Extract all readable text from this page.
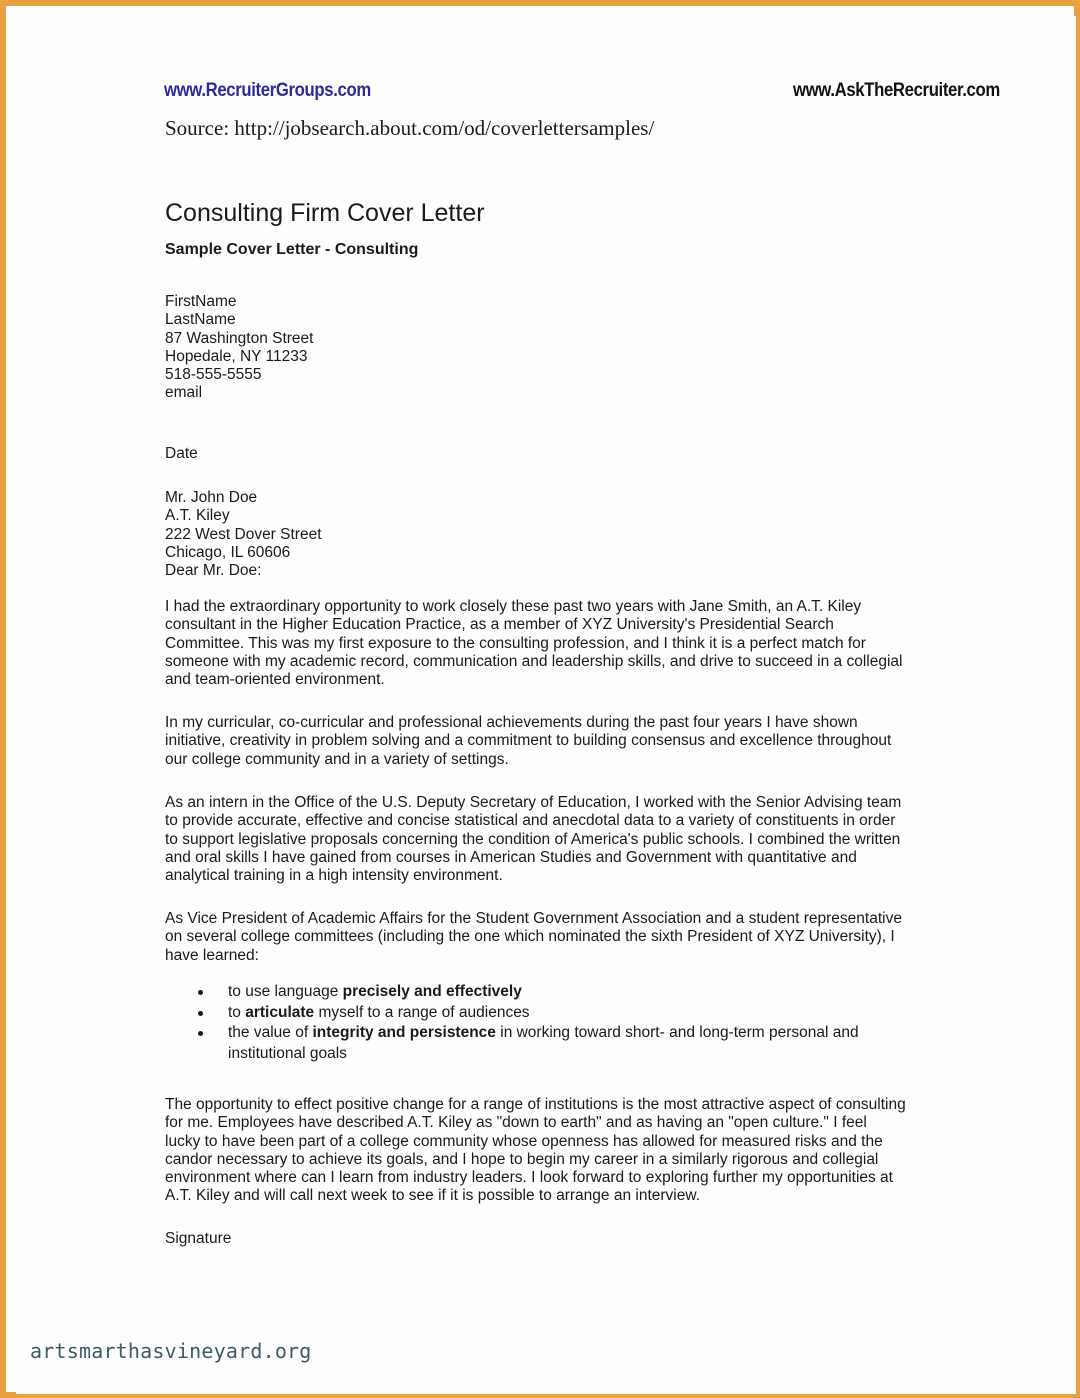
www.RecruiterGroups.com	www.AskTheRecruiter.com
Source: http://jobsearch.about.com/od/coverlettersamples/
Consulting Firm Cover Letter
Sample Cover Letter - Consulting
FirstName
LastName
87 Washington Street
Hopedale, NY 11233
518-555-5555
email
Date
Mr. John Doe
A.T. Kiley
222 West Dover Street
Chicago, IL 60606
Dear Mr. Doe:
I had the extraordinary opportunity to work closely these past two years with Jane Smith, an A.T. Kiley
consultant in the Higher Education Practice, as a member of XYZ University's Presidential Search
Committee. This was my first exposure to the consulting profession, and I think it is a perfect match for
someone with my academic record, communication and leadership skills, and drive to succeed in a collegial
and team-oriented environment.
In my curricular, co-curricular and professional achievements during the past four years I have shown
initiative, creativity in problem solving and a commitment to building consensus and excellence throughout
our college community and in a variety of settings.
As an intern in the Office of the U.S. Deputy Secretary of Education, I worked with the Senior Advising team
to provide accurate, effective and concise statistical and anecdotal data to a variety of constituents in order
to support legislative proposals concerning the condition of America's public schools. I combined the written
and oral skills I have gained from courses in American Studies and Government with quantitative and
analytical training in a high intensity environment.
As Vice President of Academic Affairs for the Student Government Association and a student representative
on several college committees (including the one which nominated the sixth President of XYZ University), I
have learned:
to use language precisely and effectively
to articulate myself to a range of audiences
the value of integrity and persistence in working toward short- and long-term personal and
institutional goals
The opportunity to effect positive change for a range of institutions is the most attractive aspect of consulting
for me. Employees have described A.T. Kiley as "down to earth" and as having an "open culture." I feel
lucky to have been part of a college community whose openness has allowed for measured risks and the
candor necessary to achieve its goals, and I hope to begin my career in a similarly rigorous and collegial
environment where can I learn from industry leaders. I look forward to exploring further my opportunities at
A.T. Kiley and will call next week to see if it is possible to arrange an interview.
Signature
artsmarthasvineyard.org
